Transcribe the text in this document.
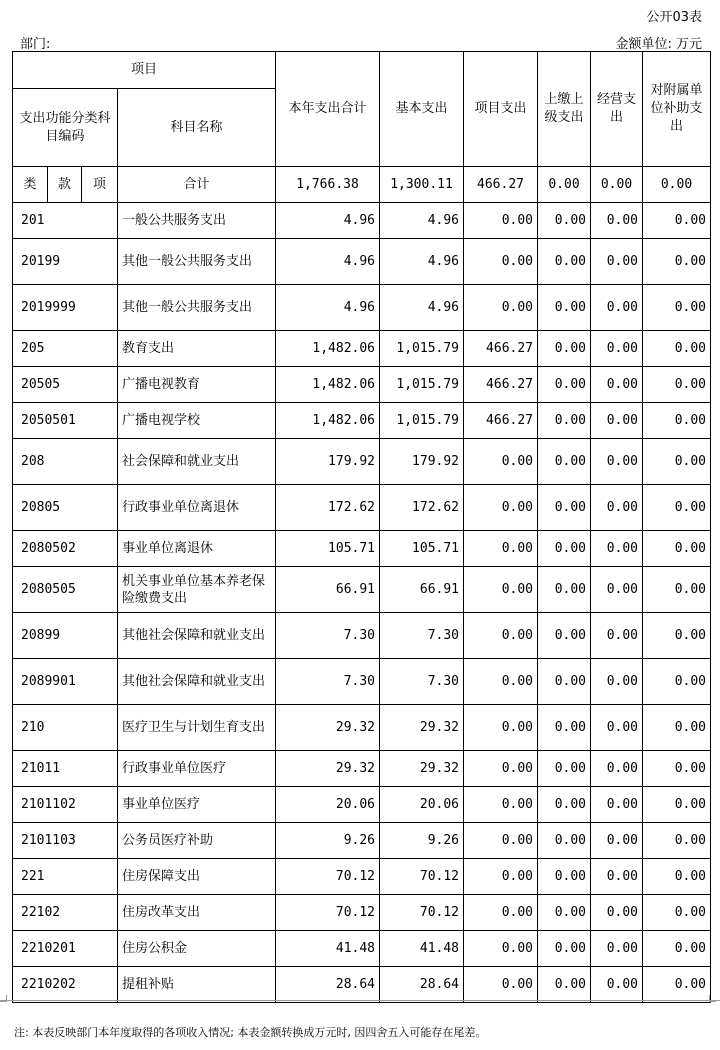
公开03表
部门:	金额单位: 万元
项目				本年支出合计	基本支出	项目支出	上缴上级支出	经营支出	对附属单位补助支出
支出功能分类科目编码			科目名称						
类	款	项	合计	1,766.38	1,300.11	466.27	0.00	0.00	0.00
201			一般公共服务支出	4.96	4.96	0.00	0.00	0.00	0.00
20199			其他一般公共服务支出	4.96	4.96	0.00	0.00	0.00	0.00
2019999			其他一般公共服务支出	4.96	4.96	0.00	0.00	0.00	0.00
205			教育支出	1,482.06	1,015.79	466.27	0.00	0.00	0.00
20505			广播电视教育	1,482.06	1,015.79	466.27	0.00	0.00	0.00
2050501			广播电视学校	1,482.06	1,015.79	466.27	0.00	0.00	0.00
208			社会保障和就业支出	179.92	179.92	0.00	0.00	0.00	0.00
20805			行政事业单位离退休	172.62	172.62	0.00	0.00	0.00	0.00
2080502			事业单位离退休	105.71	105.71	0.00	0.00	0.00	0.00
2080505			机关事业单位基本养老保险缴费支出	66.91	66.91	0.00	0.00	0.00	0.00
20899			其他社会保障和就业支出	7.30	7.30	0.00	0.00	0.00	0.00
2089901			其他社会保障和就业支出	7.30	7.30	0.00	0.00	0.00	0.00
210			医疗卫生与计划生育支出	29.32	29.32	0.00	0.00	0.00	0.00
21011			行政事业单位医疗	29.32	29.32	0.00	0.00	0.00	0.00
2101102			事业单位医疗	20.06	20.06	0.00	0.00	0.00	0.00
2101103			公务员医疗补助	9.26	9.26	0.00	0.00	0.00	0.00
221			住房保障支出	70.12	70.12	0.00	0.00	0.00	0.00
22102			住房改革支出	70.12	70.12	0.00	0.00	0.00	0.00
2210201			住房公积金	41.48	41.48	0.00	0.00	0.00	0.00
2210202			提租补贴	28.64	28.64	0.00	0.00	0.00	0.00
注: 本表反映部门本年度取得的各项收入情况; 本表金额转换成万元时, 因四舍五入可能存在尾差。
